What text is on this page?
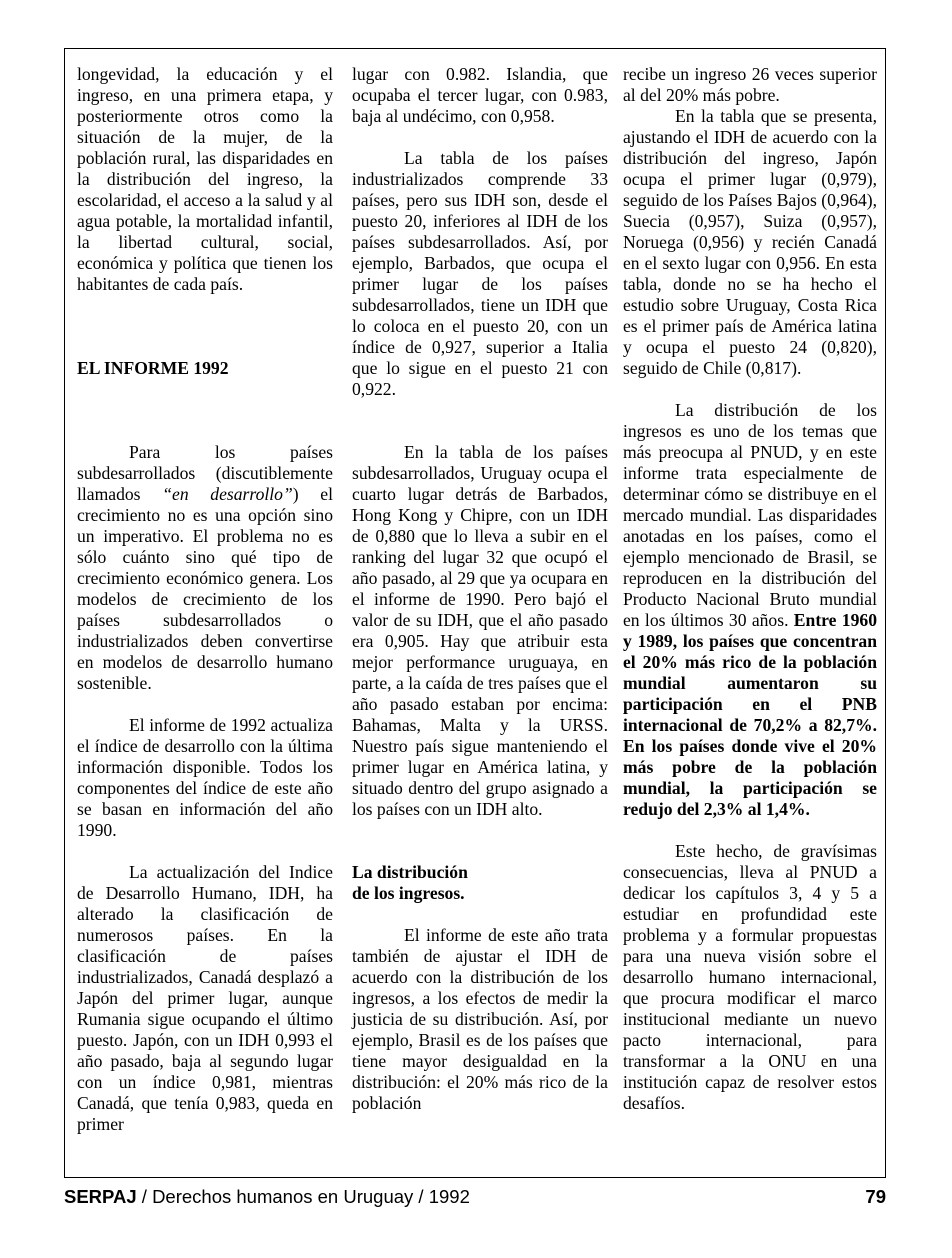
longevidad, la educación y el ingreso, en una primera etapa, y posteriormente otros como la situación de la mujer, de la población rural, las disparidades en la distribución del ingreso, la escolaridad, el acceso a la salud y al agua potable, la mortalidad infantil, la libertad cultural, social, económica y política que tienen los habitantes de cada país.

EL INFORME 1992

Para los países subdesarrollados (discutiblemente llamados “en desarrollo”) el crecimiento no es una opción sino un imperativo. El problema no es sólo cuánto sino qué tipo de crecimiento económico genera. Los modelos de crecimiento de los países subdesarrollados o industrializados deben convertirse en modelos de desarrollo humano sostenible.

El informe de 1992 actualiza el índice de desarrollo con la última información disponible. Todos los componentes del índice de este año se basan en información del año 1990.

La actualización del Indice de Desarrollo Humano, IDH, ha alterado la clasificación de numerosos países. En la clasificación de países industrializados, Canadá desplazó a Japón del primer lugar, aunque Rumania sigue ocupando el último puesto. Japón, con un IDH 0,993 el año pasado, baja al segundo lugar con un índice 0,981, mientras Canadá, que tenía 0,983, queda en primer

lugar con 0.982. Islandia, que ocupaba el tercer lugar, con 0.983, baja al undécimo, con 0,958.

La tabla de los países industrializados comprende 33 países, pero sus IDH son, desde el puesto 20, inferiores al IDH de los países subdesarrollados. Así, por ejemplo, Barbados, que ocupa el primer lugar de los países subdesarrollados, tiene un IDH que lo coloca en el puesto 20, con un índice de 0,927, superior a Italia que lo sigue en el puesto 21 con 0,922.

En la tabla de los países subdesarrollados, Uruguay ocupa el cuarto lugar detrás de Barbados, Hong Kong y Chipre, con un IDH de 0,880 que lo lleva a subir en el ranking del lugar 32 que ocupó el año pasado, al 29 que ya ocupara en el informe de 1990. Pero bajó el valor de su IDH, que el año pasado era 0,905. Hay que atribuir esta mejor performance uruguaya, en parte, a la caída de tres países que el año pasado estaban por encima: Bahamas, Malta y la URSS. Nuestro país sigue manteniendo el primer lugar en América latina, y situado dentro del grupo asignado a los países con un IDH alto.

La distribución
de los ingresos.

El informe de este año trata también de ajustar el IDH de acuerdo con la distribución de los ingresos, a los efectos de medir la justicia de su distribución. Así, por ejemplo, Brasil es de los países que tiene mayor desigualdad en la distribución: el 20% más rico de la población

recibe un ingreso 26 veces superior al del 20% más pobre.

En la tabla que se presenta, ajustando el IDH de acuerdo con la distribución del ingreso, Japón ocupa el primer lugar (0,979), seguido de los Países Bajos (0,964), Suecia (0,957), Suiza (0,957), Noruega (0,956) y recién Canadá en el sexto lugar con 0,956. En esta tabla, donde no se ha hecho el estudio sobre Uruguay, Costa Rica es el primer país de América latina y ocupa el puesto 24 (0,820), seguido de Chile (0,817).

La distribución de los ingresos es uno de los temas que más preocupa al PNUD, y en este informe trata especialmente de determinar cómo se distribuye en el mercado mundial. Las disparidades anotadas en los países, como el ejemplo mencionado de Brasil, se reproducen en la distribución del Producto Nacional Bruto mundial en los últimos 30 años. Entre 1960 y 1989, los países que concentran el 20% más rico de la población mundial aumentaron su participación en el PNB internacional de 70,2% a 82,7%. En los países donde vive el 20% más pobre de la población mundial, la participación se redujo del 2,3% al 1,4%.

Este hecho, de gravísimas consecuencias, lleva al PNUD a dedicar los capítulos 3, 4 y 5 a estudiar en profundidad este problema y a formular propuestas para una nueva visión sobre el desarrollo humano internacional, que procura modificar el marco institucional mediante un nuevo pacto internacional, para transformar a la ONU en una institución capaz de resolver estos desafíos.

SERPAJ / Derechos humanos en Uruguay / 1992	79
